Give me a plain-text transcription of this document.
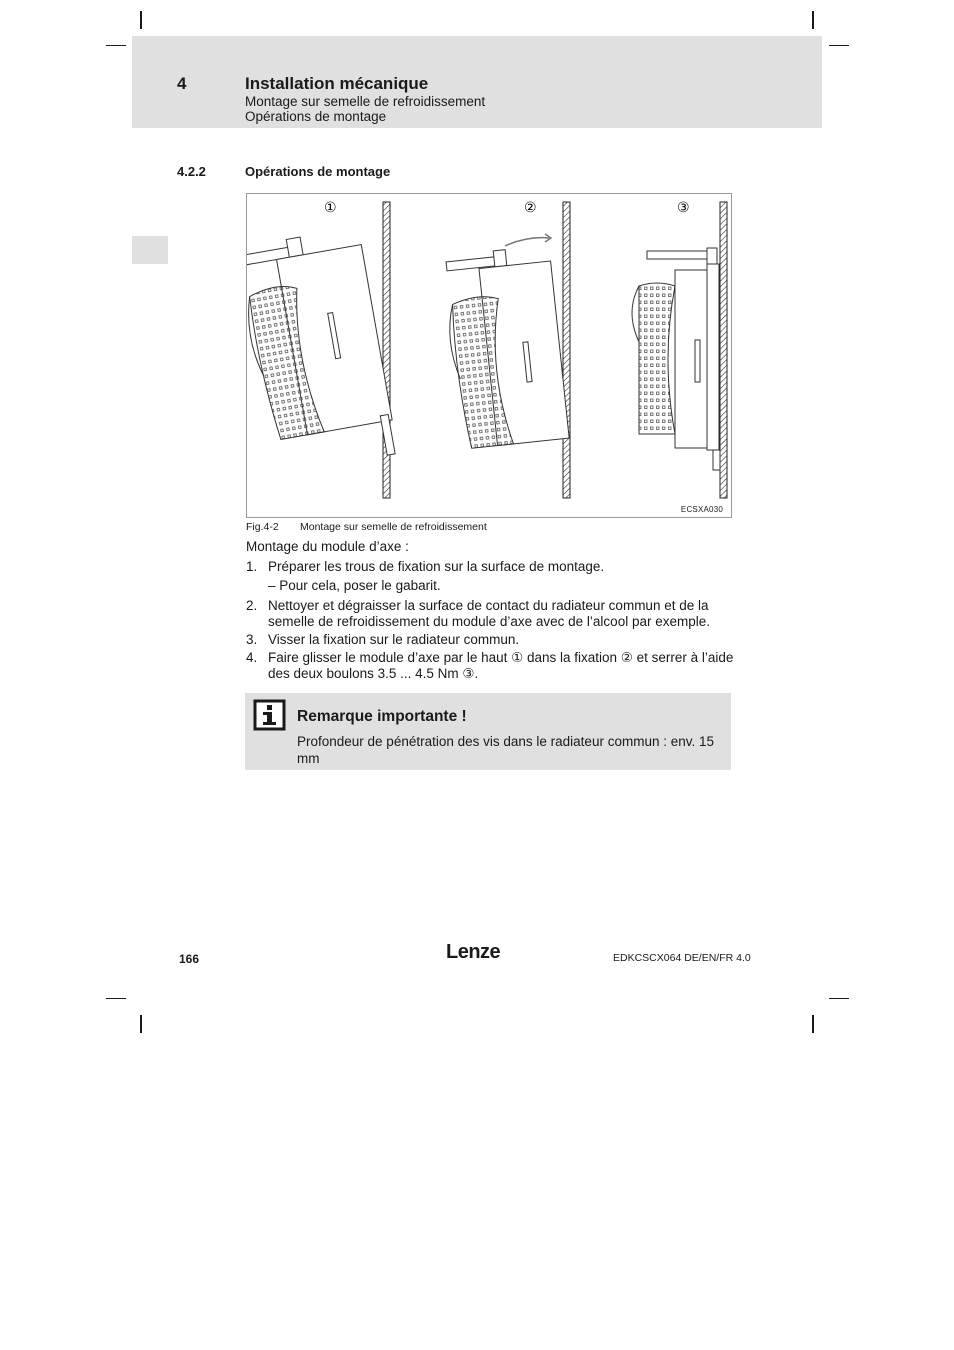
4	Installation mécanique
Montage sur semelle de refroidissement
Opérations de montage
4.2.2	Opérations de montage
①	②	③
ECSXA030
Fig.4-2 Montage sur semelle de refroidissement
Montage du module d’axe :
1. Préparer les trous de fixation sur la surface de montage.
– Pour cela, poser le gabarit.
2. Nettoyer et dégraisser la surface de contact du radiateur commun et de la semelle de refroidissement du module d’axe avec de l’alcool par exemple.
3. Visser la fixation sur le radiateur commun.
4. Faire glisser le module d’axe par le haut ① dans la fixation ② et serrer à l’aide des deux boulons 3.5 ... 4.5 Nm ③.
Remarque importante !
Profondeur de pénétration des vis dans le radiateur commun : env. 15 mm
166	Lenze	EDKCSCX064 DE/EN/FR 4.0
